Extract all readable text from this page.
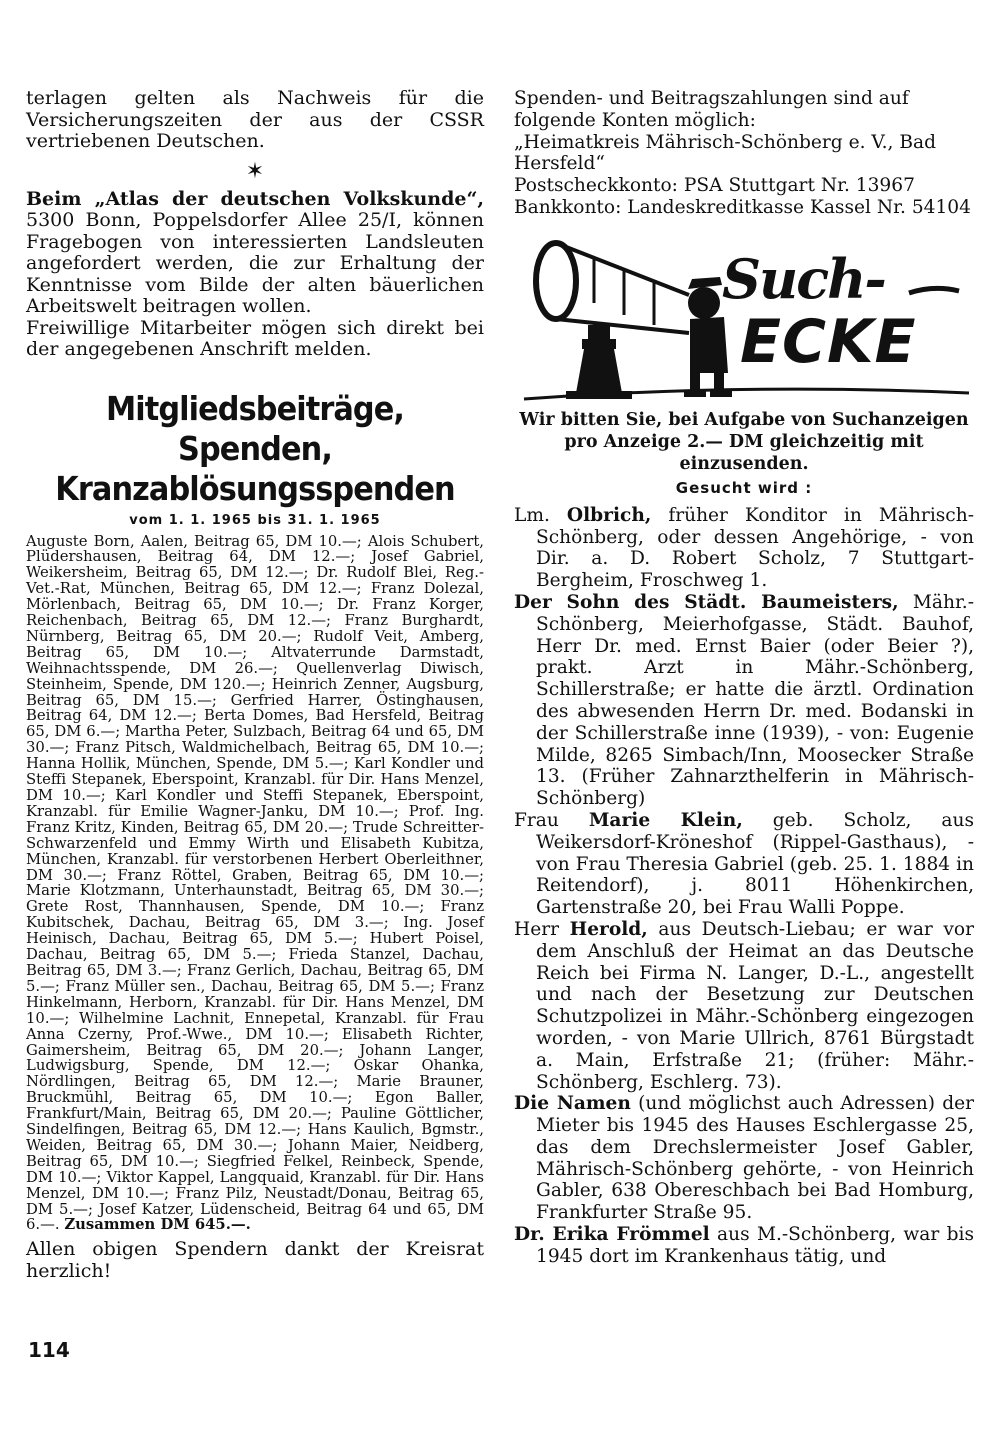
terlagen gelten als Nachweis für die Versicherungszeiten der aus der CSSR vertriebenen Deutschen.

✶

Beim „Atlas der deutschen Volkskunde“, 5300 Bonn, Poppelsdorfer Allee 25/I, können Fragebogen von interessierten Landsleuten angefordert werden, die zur Erhaltung der Kenntnisse vom Bilde der alten bäuerlichen Arbeitswelt beitragen wollen.

Freiwillige Mitarbeiter mögen sich direkt bei der angegebenen Anschrift melden.

Mitgliedsbeiträge, Spenden,
Kranzablösungsspenden
vom 1. 1. 1965 bis 31. 1. 1965

Auguste Born, Aalen, Beitrag 65, DM 10.—; Alois Schubert, Plüdershausen, Beitrag 64, DM 12.—; Josef Gabriel, Weikersheim, Beitrag 65, DM 12.—; Dr. Rudolf Blei, Reg.-Vet.-Rat, München, Beitrag 65, DM 12.—; Franz Dolezal, Mörlenbach, Beitrag 65, DM 10.—; Dr. Franz Korger, Reichenbach, Beitrag 65, DM 12.—; Franz Burghardt, Nürnberg, Beitrag 65, DM 20.—; Rudolf Veit, Amberg, Beitrag 65, DM 10.—; Altvaterrunde Darmstadt, Weihnachtsspende, DM 26.—; Quellenverlag Diwisch, Steinheim, Spende, DM 120.—; Heinrich Zenner, Augsburg, Beitrag 65, DM 15.—; Gerfried Harrer, Östinghausen, Beitrag 64, DM 12.—; Berta Domes, Bad Hersfeld, Beitrag 65, DM 6.—; Martha Peter, Sulzbach, Beitrag 64 und 65, DM 30.—; Franz Pitsch, Waldmichelbach, Beitrag 65, DM 10.—; Hanna Hollik, München, Spende, DM 5.—; Karl Kondler und Steffi Stepanek, Eberspoint, Kranzabl. für Dir. Hans Menzel, DM 10.—; Karl Kondler und Steffi Stepanek, Eberspoint, Kranzabl. für Emilie Wagner-Janku, DM 10.—; Prof. Ing. Franz Kritz, Kinden, Beitrag 65, DM 20.—; Trude Schreitter-Schwarzenfeld und Emmy Wirth und Elisabeth Kubitza, München, Kranzabl. für verstorbenen Herbert Oberleithner, DM 30.—; Franz Röttel, Graben, Beitrag 65, DM 10.—; Marie Klotzmann, Unterhaunstadt, Beitrag 65, DM 30.—; Grete Rost, Thannhausen, Spende, DM 10.—; Franz Kubitschek, Dachau, Beitrag 65, DM 3.—; Ing. Josef Heinisch, Dachau, Beitrag 65, DM 5.—; Hubert Poisel, Dachau, Beitrag 65, DM 5.—; Frieda Stanzel, Dachau, Beitrag 65, DM 3.—; Franz Gerlich, Dachau, Beitrag 65, DM 5.—; Franz Müller sen., Dachau, Beitrag 65, DM 5.—; Franz Hinkelmann, Herborn, Kranzabl. für Dir. Hans Menzel, DM 10.—; Wilhelmine Lachnit, Ennepetal, Kranzabl. für Frau Anna Czerny, Prof.-Wwe., DM 10.—; Elisabeth Richter, Gaimersheim, Beitrag 65, DM 20.—; Johann Langer, Ludwigsburg, Spende, DM 12.—; Oskar Ohanka, Nördlingen, Beitrag 65, DM 12.—; Marie Brauner, Bruckmühl, Beitrag 65, DM 10.—; Egon Baller, Frankfurt/Main, Beitrag 65, DM 20.—; Pauline Göttlicher, Sindelfingen, Beitrag 65, DM 12.—; Hans Kaulich, Bgmstr., Weiden, Beitrag 65, DM 30.—; Johann Maier, Neidberg, Beitrag 65, DM 10.—; Siegfried Felkel, Reinbeck, Spende, DM 10.—; Viktor Kappel, Langquaid, Kranzabl. für Dir. Hans Menzel, DM 10.—; Franz Pilz, Neustadt/Donau, Beitrag 65, DM 5.—; Josef Katzer, Lüdenscheid, Beitrag 64 und 65, DM 6.—. Zusammen DM 645.—.

Allen obigen Spendern dankt der Kreisrat herzlich!

114

Spenden- und Beitragszahlungen sind auf folgende Konten möglich:

„Heimatkreis Mährisch-Schönberg e. V., Bad Hersfeld“

Postscheckkonto: PSA Stuttgart Nr. 13967

Bankkonto: Landeskreditkasse Kassel Nr. 54104

Such-
ECKE
Wir bitten Sie, bei Aufgabe von Suchanzeigen pro Anzeige 2.— DM gleichzeitig mit einzusenden.
Gesucht wird :

Lm. Olbrich, früher Konditor in Mährisch-Schönberg, oder dessen Angehörige, - von Dir. a. D. Robert Scholz, 7 Stuttgart-Bergheim, Froschweg 1.

Der Sohn des Städt. Baumeisters, Mähr.-Schönberg, Meierhofgasse, Städt. Bauhof, Herr Dr. med. Ernst Baier (oder Beier ?), prakt. Arzt in Mähr.-Schönberg, Schillerstraße; er hatte die ärztl. Ordination des abwesenden Herrn Dr. med. Bodanski in der Schillerstraße inne (1939), - von: Eugenie Milde, 8265 Simbach/Inn, Moosecker Straße 13. (Früher Zahnarzthelferin in Mährisch-Schönberg)

Frau Marie Klein, geb. Scholz, aus Weikersdorf-Kröneshof (Rippel-Gasthaus), - von Frau Theresia Gabriel (geb. 25. 1. 1884 in Reitendorf), j. 8011 Höhenkirchen, Gartenstraße 20, bei Frau Walli Poppe.

Herr Herold, aus Deutsch-Liebau; er war vor dem Anschluß der Heimat an das Deutsche Reich bei Firma N. Langer, D.-L., angestellt und nach der Besetzung zur Deutschen Schutzpolizei in Mähr.-Schönberg eingezogen worden, - von Marie Ullrich, 8761 Bürgstadt a. Main, Erfstraße 21; (früher: Mähr.-Schönberg, Eschlerg. 73).

Die Namen (und möglichst auch Adressen) der Mieter bis 1945 des Hauses Eschlergasse 25, das dem Drechslermeister Josef Gabler, Mährisch-Schönberg gehörte, - von Heinrich Gabler, 638 Obereschbach bei Bad Homburg, Frankfurter Straße 95.

Dr. Erika Frömmel aus M.-Schönberg, war bis 1945 dort im Krankenhaus tätig, und
